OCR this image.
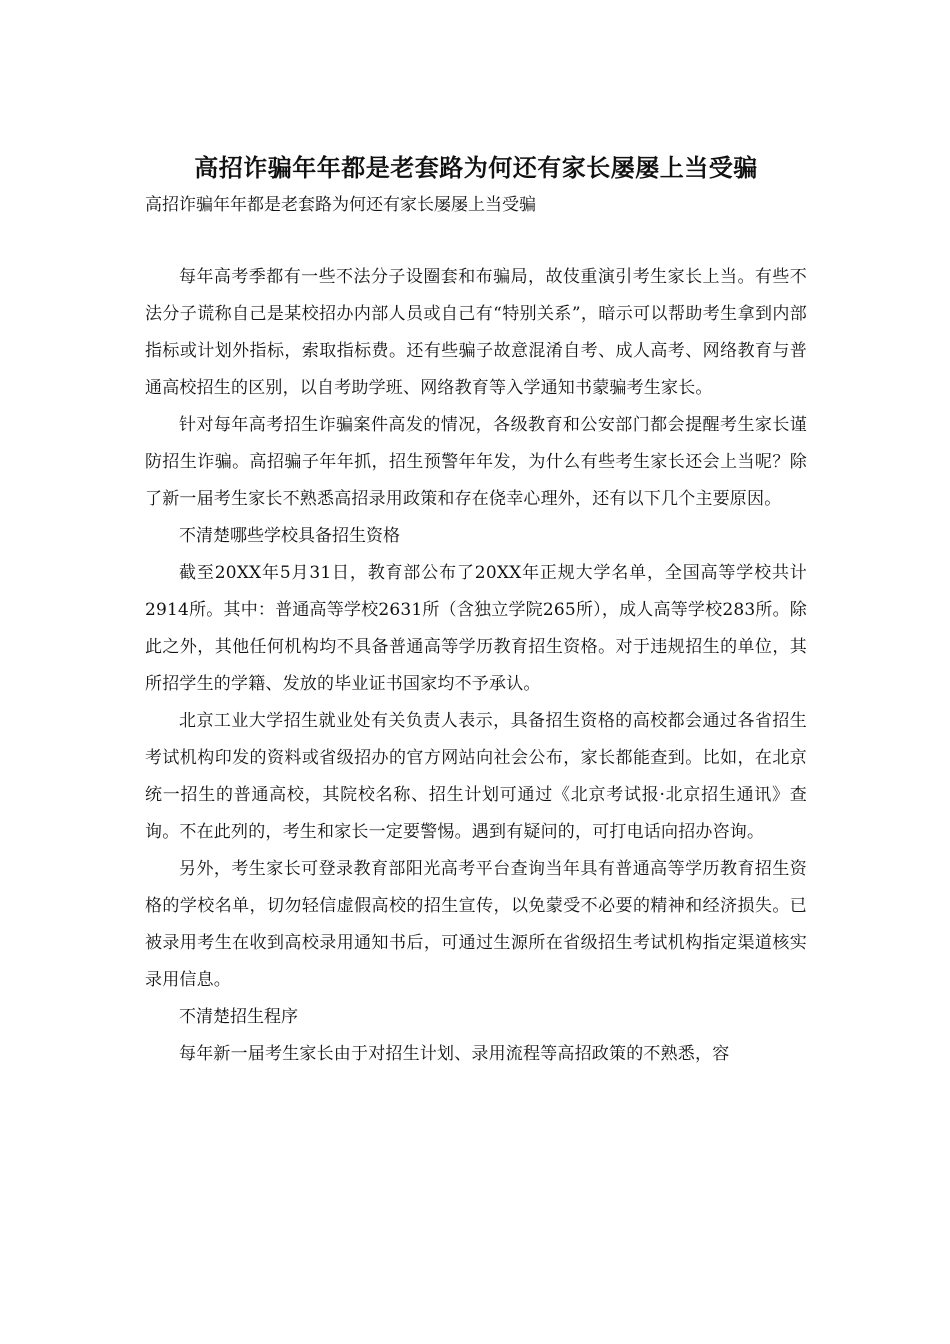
高招诈骗年年都是老套路为何还有家长屡屡上当受骗

高招诈骗年年都是老套路为何还有家长屡屡上当受骗

每年高考季都有一些不法分子设圈套和布骗局，故伎重演引考生家长上当。有些不法分子谎称自己是某校招办内部人员或自己有“特别关系”，暗示可以帮助考生拿到内部指标或计划外指标，索取指标费。还有些骗子故意混淆自考、成人高考、网络教育与普通高校招生的区别，以自考助学班、网络教育等入学通知书蒙骗考生家长。

针对每年高考招生诈骗案件高发的情况，各级教育和公安部门都会提醒考生家长谨防招生诈骗。高招骗子年年抓，招生预警年年发，为什么有些考生家长还会上当呢？除了新一届考生家长不熟悉高招录用政策和存在侥幸心理外，还有以下几个主要原因。

不清楚哪些学校具备招生资格

截至20XX年5月31日，教育部公布了20XX年正规大学名单，全国高等学校共计2914所。其中：普通高等学校2631所（含独立学院265所），成人高等学校283所。除此之外，其他任何机构均不具备普通高等学历教育招生资格。对于违规招生的单位，其所招学生的学籍、发放的毕业证书国家均不予承认。

北京工业大学招生就业处有关负责人表示，具备招生资格的高校都会通过各省招生考试机构印发的资料或省级招办的官方网站向社会公布，家长都能查到。比如，在北京统一招生的普通高校，其院校名称、招生计划可通过《北京考试报·北京招生通讯》查询。不在此列的，考生和家长一定要警惕。遇到有疑问的，可打电话向招办咨询。

另外，考生家长可登录教育部阳光高考平台查询当年具有普通高等学历教育招生资格的学校名单，切勿轻信虚假高校的招生宣传，以免蒙受不必要的精神和经济损失。已被录用考生在收到高校录用通知书后，可通过生源所在省级招生考试机构指定渠道核实录用信息。

不清楚招生程序

每年新一届考生家长由于对招生计划、录用流程等高招政策的不熟悉，容
